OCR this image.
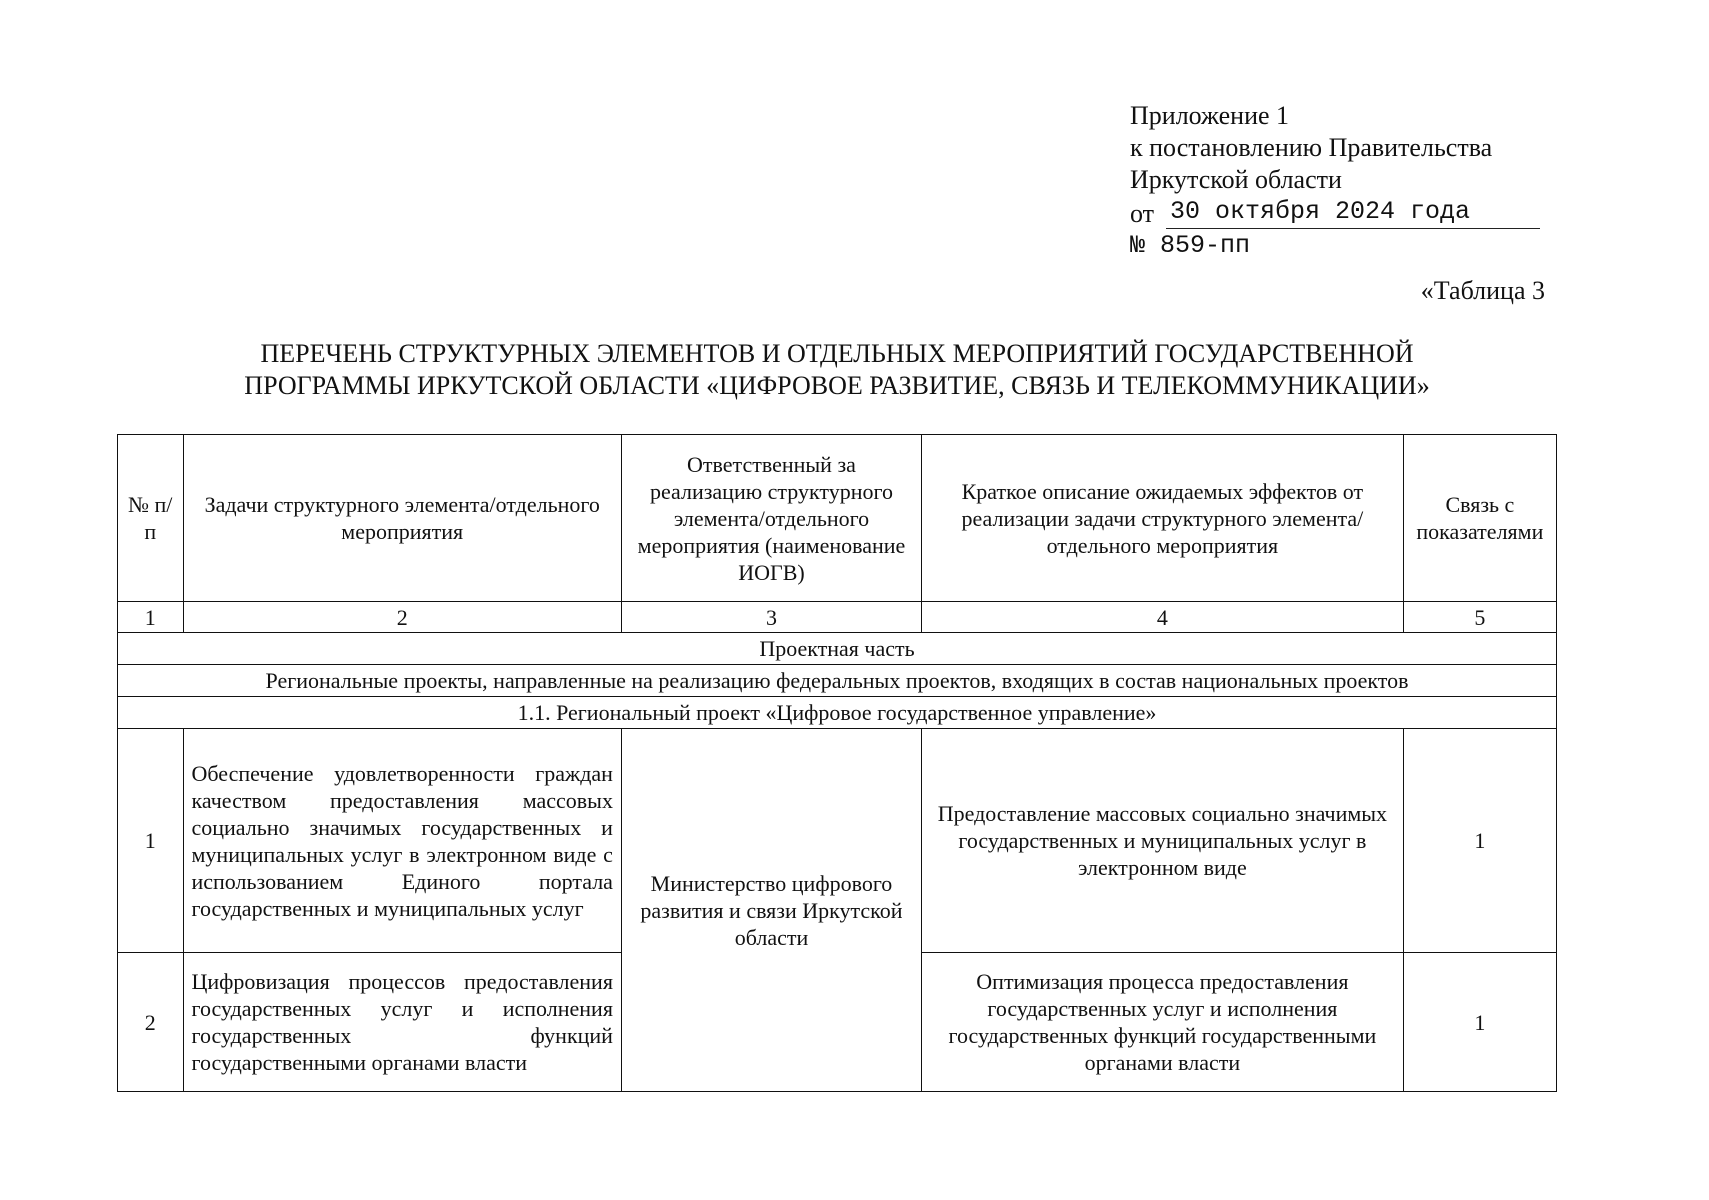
Приложение 1
к постановлению Правительства
Иркутской области
от 30 октября 2024 года
№ 859-пп
«Таблица 3
ПЕРЕЧЕНЬ СТРУКТУРНЫХ ЭЛЕМЕНТОВ И ОТДЕЛЬНЫХ МЕРОПРИЯТИЙ ГОСУДАРСТВЕННОЙ
ПРОГРАММЫ ИРКУТСКОЙ ОБЛАСТИ «ЦИФРОВОЕ РАЗВИТИЕ, СВЯЗЬ И ТЕЛЕКОММУНИКАЦИИ»
№ п/п	Задачи структурного элемента/отдельного мероприятия	Ответственный за реализацию структурного элемента/отдельного мероприятия (наименование ИОГВ)	Краткое описание ожидаемых эффектов от реализации задачи структурного элемента/отдельного мероприятия	Связь с показателями
1	2	3	4	5
Проектная часть				
Региональные проекты, направленные на реализацию федеральных проектов, входящих в состав национальных проектов				
1.1. Региональный проект «Цифровое государственное управление»				
1	Обеспечение удовлетворенности граждан качеством предоставления массовых социально значимых государственных и муниципальных услуг в электронном виде с использованием Единого портала государственных и муниципальных услуг	Министерство цифрового развития и связи Иркутской области	Предоставление массовых социально значимых государственных и муниципальных услуг в электронном виде	1
2	Цифровизация процессов предоставления государственных услуг и исполнения государственных функций государственными органами власти		Оптимизация процесса предоставления государственных услуг и исполнения государственных функций государственными органами власти	1
